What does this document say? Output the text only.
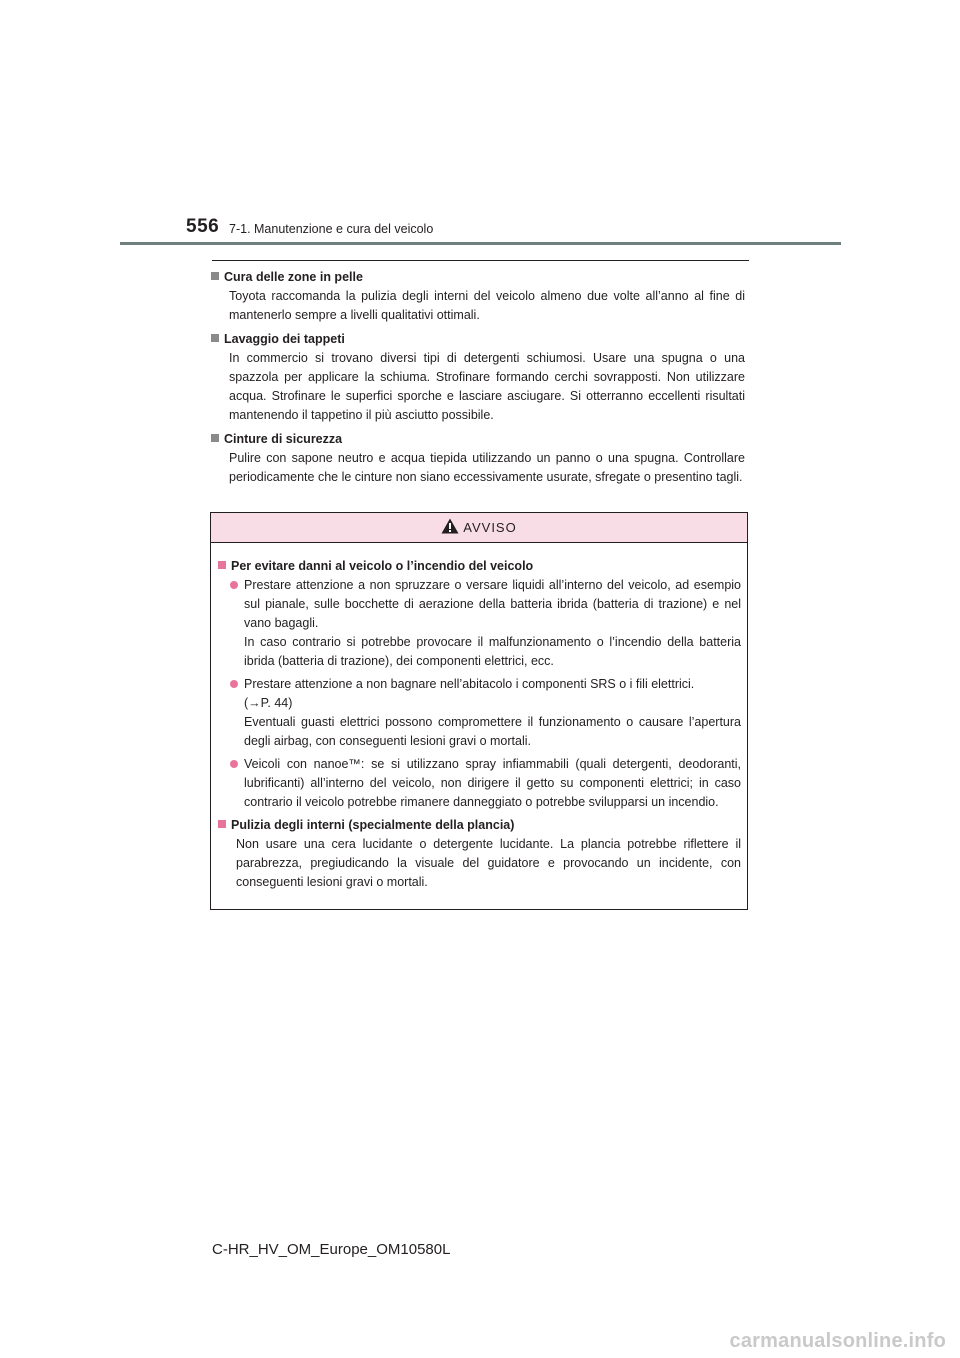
556 7-1. Manutenzione e cura del veicolo
Cura delle zone in pelle
Toyota raccomanda la pulizia degli interni del veicolo almeno due volte all’anno al fine di mantenerlo sempre a livelli qualitativi ottimali.
Lavaggio dei tappeti
In commercio si trovano diversi tipi di detergenti schiumosi. Usare una spugna o una spazzola per applicare la schiuma. Strofinare formando cerchi sovrapposti. Non utilizzare acqua. Strofinare le superfici sporche e lasciare asciugare. Si otterranno eccellenti risultati mantenendo il tappetino il più asciutto possibile.
Cinture di sicurezza
Pulire con sapone neutro e acqua tiepida utilizzando un panno o una spugna. Controllare periodicamente che le cinture non siano eccessivamente usurate, sfregate o presentino tagli.
AVVISO
Per evitare danni al veicolo o l’incendio del veicolo

Prestare attenzione a non spruzzare o versare liquidi all’interno del veicolo, ad esempio sul pianale, sulle bocchette di aerazione della batteria ibrida (batteria di trazione) e nel vano bagagli.

In caso contrario si potrebbe provocare il malfunzionamento o l’incendio della batteria ibrida (batteria di trazione), dei componenti elettrici, ecc.

Prestare attenzione a non bagnare nell’abitacolo i componenti SRS o i fili elettrici.

(→P. 44)

Eventuali guasti elettrici possono compromettere il funzionamento o causare l’apertura degli airbag, con conseguenti lesioni gravi o mortali.

Veicoli con nanoe™: se si utilizzano spray infiammabili (quali detergenti, deodoranti, lubrificanti) all’interno del veicolo, non dirigere il getto su componenti elettrici; in caso contrario il veicolo potrebbe rimanere danneggiato o potrebbe svilupparsi un incendio.

Pulizia degli interni (specialmente della plancia)
Non usare una cera lucidante o detergente lucidante. La plancia potrebbe riflettere il parabrezza, pregiudicando la visuale del guidatore e provocando un incidente, con conseguenti lesioni gravi o mortali.
C-HR_HV_OM_Europe_OM10580L
carmanualsonline.info
